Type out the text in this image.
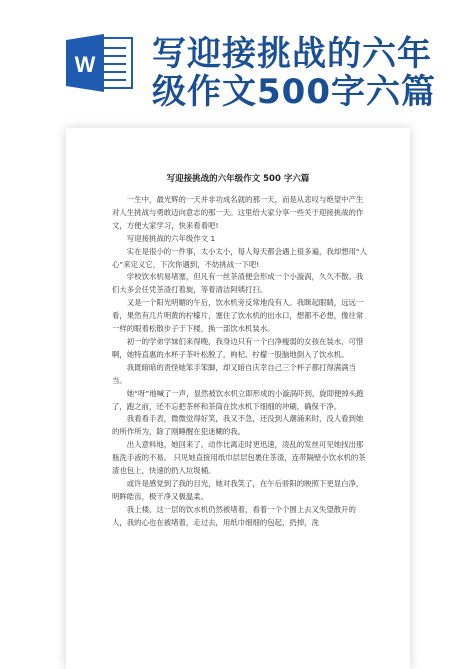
W 写迎接挑战的六年
级作文500字六篇
写迎接挑战的六年级作文 500 字六篇

一生中，最光辉的一天并非功成名就的那一天，而是从悲叹与绝望中产生对人生挑战与勇敢迈向意志的那一天。这里给大家分享一些关于迎接挑战的作文，方便大家学习，快来看看吧!

写迎接挑战的六年级作文 1

实在是很小的一件事，太小太小，每人每天都会遇上很多遍，我却想用“人心”来定义它，下次你遇到，不妨挑战一下吧!

学校饮水机易堵塞，但凡有一丝茶渣便会形成一个小漩涡，久久不散。我们大多会任凭茶渣打着旋，等着清洁阿姨打扫。

又是一个阳光明媚的午后，饮水机旁反常地没有人。我眯起眼睛，远远一看，果然有几片明黄的柠檬片，塞住了饮水机的出水口，想都不必想，像往常一样的眼着松散步子于下楼，换一部饮水机装水。

初一的学弟学妹们来得晚，我身边只有一个白净瘦弱的女孩在装水，可惜啊，她特直惠的水杯子茶叶松脱了，枸杞、柠檬一股脑地倒入了饮水机。

我既暗暗的责怪她笨手笨脚，却又暗自庆幸自己三个杯子都打得满满当当。

她“呀”地喊了一声，显然被饮水机立即形成的小漩涡吓到，旋即便掉头跑了，跑之前，还不忘把茶杯和茶筒在饮水机下细细的冲刷，确保干净。

我看看手表，微微觉得好笑，我又不急，还没到人潮涌来时，没人看到她的所作所为，除了刚睡醒在犯迷糊的我。

出人意料地，她回来了。动作比离走时更迅速，凌乱的发丝可见她找出那瓶洗手液的不易。 只见她直接用纸巾层层包裹住茶渣，连带隔壁小饮水机的茶渣也包上，快速的扔入垃圾桶。

或许是感觉到了我的目光，她对我笑了，在午后骄阳的映照下更显白净，明眸皓齿，极干净又极温柔。

我上楼，这一层的饮水机仍然被堵着，看着一个个围上去又失望散开的人，我的心也在被堵着，走过去，用纸巾细细的包起，扔掉，洗
